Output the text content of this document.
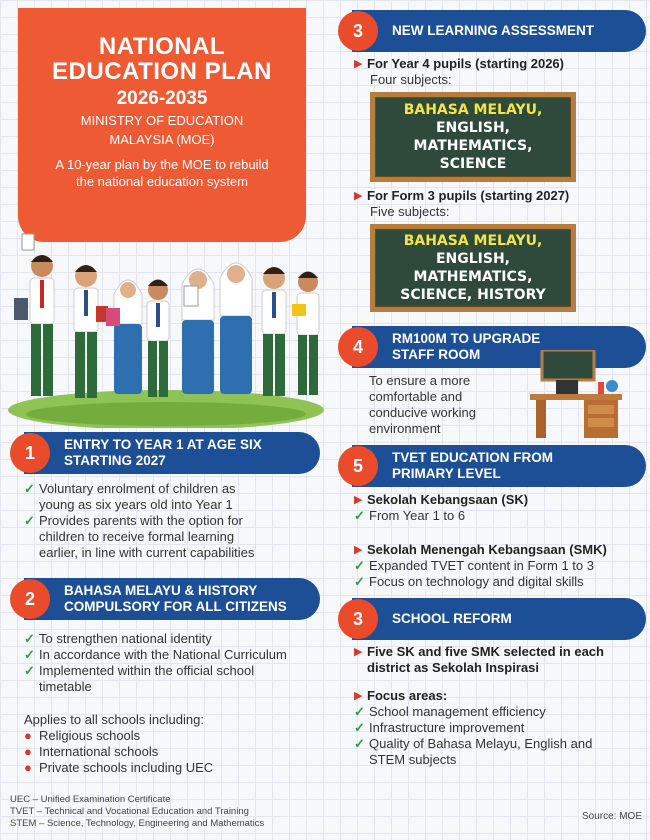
NATIONAL
EDUCATION PLAN
2026-2035
MINISTRY OF EDUCATION
MALAYSIA (MOE)
A 10-year plan by the MOE to rebuild
the national education system
1	ENTRY TO YEAR 1 AT AGE SIX
STARTING 2027
✓ Voluntary enrolment of children as
young as six years old into Year 1
✓ Provides parents with the option for
children to receive formal learning
earlier, in line with current capabilities
2	BAHASA MELAYU & HISTORY
COMPULSORY FOR ALL CITIZENS
✓ To strengthen national identity
✓ In accordance with the National Curriculum
✓ Implemented within the official school
timetable
Applies to all schools including:
● Religious schools
● International schools
● Private schools including UEC
UEC – Unified Examination Certificate
TVET – Technical and Vocational Education and Training
STEM – Science, Technology, Engineering and Mathematics
3	NEW LEARNING ASSESSMENT
▶ For Year 4 pupils (starting 2026)
Four subjects:
BAHASA MELAYU,
ENGLISH,
MATHEMATICS,
SCIENCE
▶ For Form 3 pupils (starting 2027)
Five subjects:
BAHASA MELAYU,
ENGLISH,
MATHEMATICS,
SCIENCE, HISTORY
4	RM100M TO UPGRADE
STAFF ROOM
To ensure a more
comfortable and
conducive working
environment
5	TVET EDUCATION FROM
PRIMARY LEVEL
▶ Sekolah Kebangsaan (SK)
✓ From Year 1 to 6
▶ Sekolah Menengah Kebangsaan (SMK)
✓ Expanded TVET content in Form 1 to 3
✓ Focus on technology and digital skills
3	SCHOOL REFORM
▶ Five SK and five SMK selected in each
district as Sekolah Inspirasi
▶ Focus areas:
✓ School management efficiency
✓ Infrastructure improvement
✓ Quality of Bahasa Melayu, English and
STEM subjects
Source: MOE
